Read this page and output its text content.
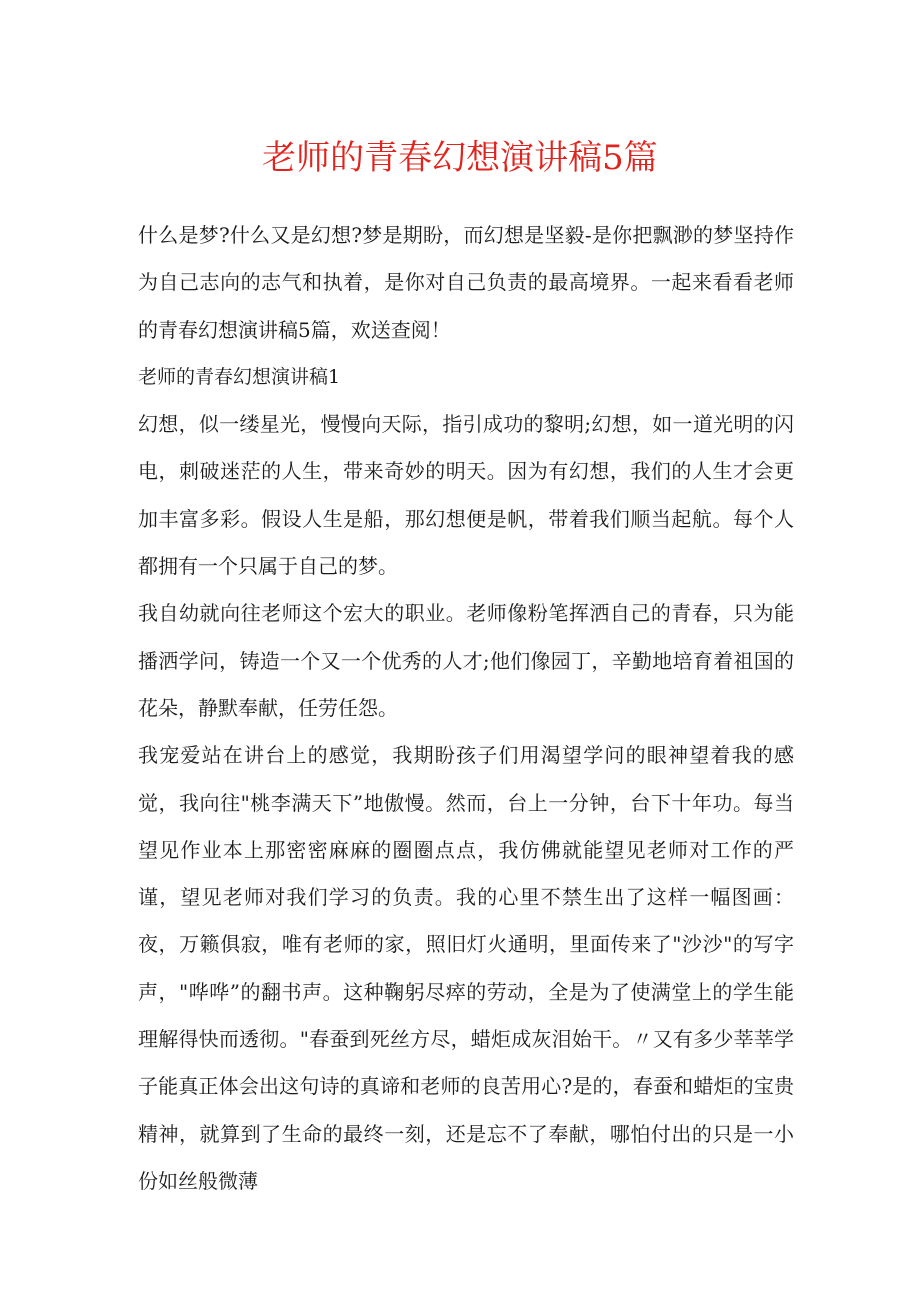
老师的青春幻想演讲稿5篇

什么是梦?什么又是幻想?梦是期盼，而幻想是坚毅-是你把飘渺的梦坚持作为自己志向的志气和执着，是你对自己负责的最高境界。一起来看看老师的青春幻想演讲稿5篇，欢送查阅！

老师的青春幻想演讲稿1

幻想，似一缕星光，慢慢向天际，指引成功的黎明;幻想，如一道光明的闪电，刺破迷茫的人生，带来奇妙的明天。因为有幻想，我们的人生才会更加丰富多彩。假设人生是船，那幻想便是帆，带着我们顺当起航。每个人都拥有一个只属于自己的梦。

我自幼就向往老师这个宏大的职业。老师像粉笔挥洒自己的青春，只为能播洒学问，铸造一个又一个优秀的人才;他们像园丁，辛勤地培育着祖国的花朵，静默奉献，任劳任怨。

我宠爱站在讲台上的感觉，我期盼孩子们用渴望学问的眼神望着我的感觉，我向往"桃李满天下”地傲慢。然而，台上一分钟，台下十年功。每当望见作业本上那密密麻麻的圈圈点点，我仿佛就能望见老师对工作的严谨，望见老师对我们学习的负责。我的心里不禁生出了这样一幅图画：夜，万籁俱寂，唯有老师的家，照旧灯火通明，里面传来了"沙沙"的写字声，"哗哗”的翻书声。这种鞠躬尽瘁的劳动，全是为了使满堂上的学生能理解得快而透彻。"春蚕到死丝方尽，蜡炬成灰泪始干。〃又有多少莘莘学子能真正体会出这句诗的真谛和老师的良苦用心?是的，春蚕和蜡炬的宝贵精神，就算到了生命的最终一刻，还是忘不了奉献，哪怕付出的只是一小份如丝般微薄
